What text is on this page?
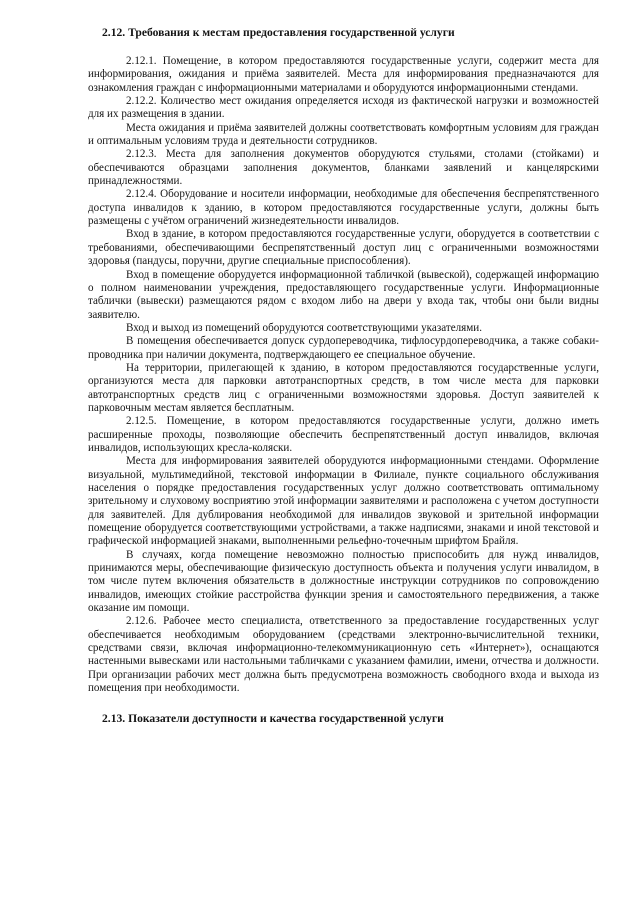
2.12. Требования к местам предоставления государственной услуги

2.12.1. Помещение, в котором предоставляются государственные услуги, содержит места для информирования, ожидания и приёма заявителей. Места для информирования предназначаются для ознакомления граждан с информационными материалами и оборудуются информационными стендами.

2.12.2. Количество мест ожидания определяется исходя из фактической нагрузки и возможностей для их размещения в здании.

Места ожидания и приёма заявителей должны соответствовать комфортным условиям для граждан и оптимальным условиям труда и деятельности сотрудников.

2.12.3. Места для заполнения документов оборудуются стульями, столами (стойками) и обеспечиваются образцами заполнения документов, бланками заявлений и канцелярскими принадлежностями.

2.12.4. Оборудование и носители информации, необходимые для обеспечения беспрепятственного доступа инвалидов к зданию, в котором предоставляются государственные услуги, должны быть размещены с учётом ограничений жизнедеятельности инвалидов.

Вход в здание, в котором предоставляются государственные услуги, оборудуется в соответствии с требованиями, обеспечивающими беспрепятственный доступ лиц с ограниченными возможностями здоровья (пандусы, поручни, другие специальные приспособления).

Вход в помещение оборудуется информационной табличкой (вывеской), содержащей информацию о полном наименовании учреждения, предоставляющего государственные услуги. Информационные таблички (вывески) размещаются рядом с входом либо на двери у входа так, чтобы они были видны заявителю.

Вход и выход из помещений оборудуются соответствующими указателями.

В помещения обеспечивается допуск сурдопереводчика, тифлосурдопереводчика, а также собаки-проводника при наличии документа, подтверждающего ее специальное обучение.

На территории, прилегающей к зданию, в котором предоставляются государственные услуги, организуются места для парковки автотранспортных средств, в том числе места для парковки автотранспортных средств лиц с ограниченными возможностями здоровья. Доступ заявителей к парковочным местам является бесплатным.

2.12.5. Помещение, в котором предоставляются государственные услуги, должно иметь расширенные проходы, позволяющие обеспечить беспрепятственный доступ инвалидов, включая инвалидов, использующих кресла-коляски.

Места для информирования заявителей оборудуются информационными стендами. Оформление визуальной, мультимедийной, текстовой информации в Филиале, пункте социального обслуживания населения о порядке предоставления государственных услуг должно соответствовать оптимальному зрительному и слуховому восприятию этой информации заявителями и расположена с учетом доступности для заявителей. Для дублирования необходимой для инвалидов звуковой и зрительной информации помещение оборудуется соответствующими устройствами, а также надписями, знаками и иной текстовой и графической информацией знаками, выполненными рельефно-точечным шрифтом Брайля.

В случаях, когда помещение невозможно полностью приспособить для нужд инвалидов, принимаются меры, обеспечивающие физическую доступность объекта и получения услуги инвалидом, в том числе путем включения обязательств в должностные инструкции сотрудников по сопровождению инвалидов, имеющих стойкие расстройства функции зрения и самостоятельного передвижения, а также оказание им помощи.

2.12.6. Рабочее место специалиста, ответственного за предоставление государственных услуг обеспечивается необходимым оборудованием (средствами электронно-вычислительной техники, средствами связи, включая информационно-телекоммуникационную сеть «Интернет»), оснащаются настенными вывесками или настольными табличками с указанием фамилии, имени, отчества и должности. При организации рабочих мест должна быть предусмотрена возможность свободного входа и выхода из помещения при необходимости.

2.13. Показатели доступности и качества государственной услуги
